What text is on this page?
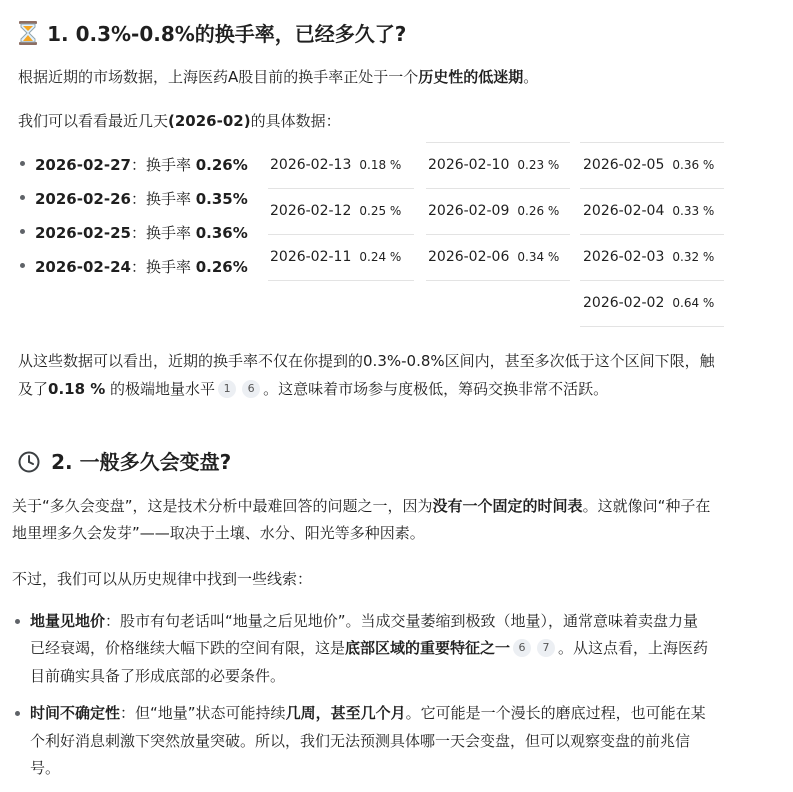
1. 0.3%-0.8%的换手率，已经多久了?
根据近期的市场数据，上海医药A股目前的换手率正处于一个历史性的低迷期。
我们可以看看最近几天(2026-02)的具体数据：
2026-02-27：换手率 0.26%
2026-02-26：换手率 0.35%
2026-02-25：换手率 0.36%
2026-02-24：换手率 0.26%
2026-02-13 0.18 %
2026-02-12 0.25 %
2026-02-11 0.24 %
2026-02-10 0.23 %
2026-02-09 0.26 %
2026-02-06 0.34 %
2026-02-05 0.36 %
2026-02-04 0.33 %
2026-02-03 0.32 %
2026-02-02 0.64 %
从这些数据可以看出，近期的换手率不仅在你提到的0.3%-0.8%区间内，甚至多次低于这个区间下限，触
及了0.18 % 的极端地量水平 1 6 。这意味着市场参与度极低，筹码交换非常不活跃。
2. 一般多久会变盘?
关于“多久会变盘”，这是技术分析中最难回答的问题之一，因为没有一个固定的时间表。这就像问“种子在
地里埋多久会发芽”——取决于土壤、水分、阳光等多种因素。
不过，我们可以从历史规律中找到一些线索：
地量见地价：股市有句老话叫“地量之后见地价”。当成交量萎缩到极致（地量），通常意味着卖盘力量
已经衰竭，价格继续大幅下跌的空间有限，这是底部区域的重要特征之一 6 7 。从这点看，上海医药
目前确实具备了形成底部的必要条件。
时间不确定性：但“地量”状态可能持续几周，甚至几个月。它可能是一个漫长的磨底过程，也可能在某
个利好消息刺激下突然放量突破。所以，我们无法预测具体哪一天会变盘，但可以观察变盘的前兆信
号。
